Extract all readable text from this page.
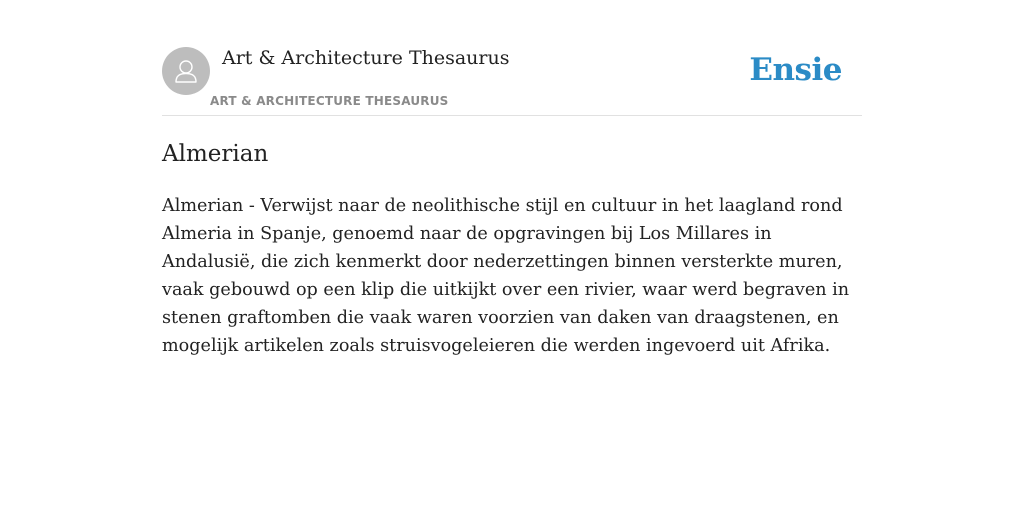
Art & Architecture Thesaurus
ART & ARCHITECTURE THESAURUS
Ensie
Almerian

Almerian - Verwijst naar de neolithische stijl en cultuur in het laagland rond Almeria in Spanje, genoemd naar de opgravingen bij Los Millares in Andalusië, die zich kenmerkt door nederzettingen binnen versterkte muren, vaak gebouwd op een klip die uitkijkt over een rivier, waar werd begraven in stenen graftomben die vaak waren voorzien van daken van draagstenen, en mogelijk artikelen zoals struisvogeleieren die werden ingevoerd uit Afrika.
